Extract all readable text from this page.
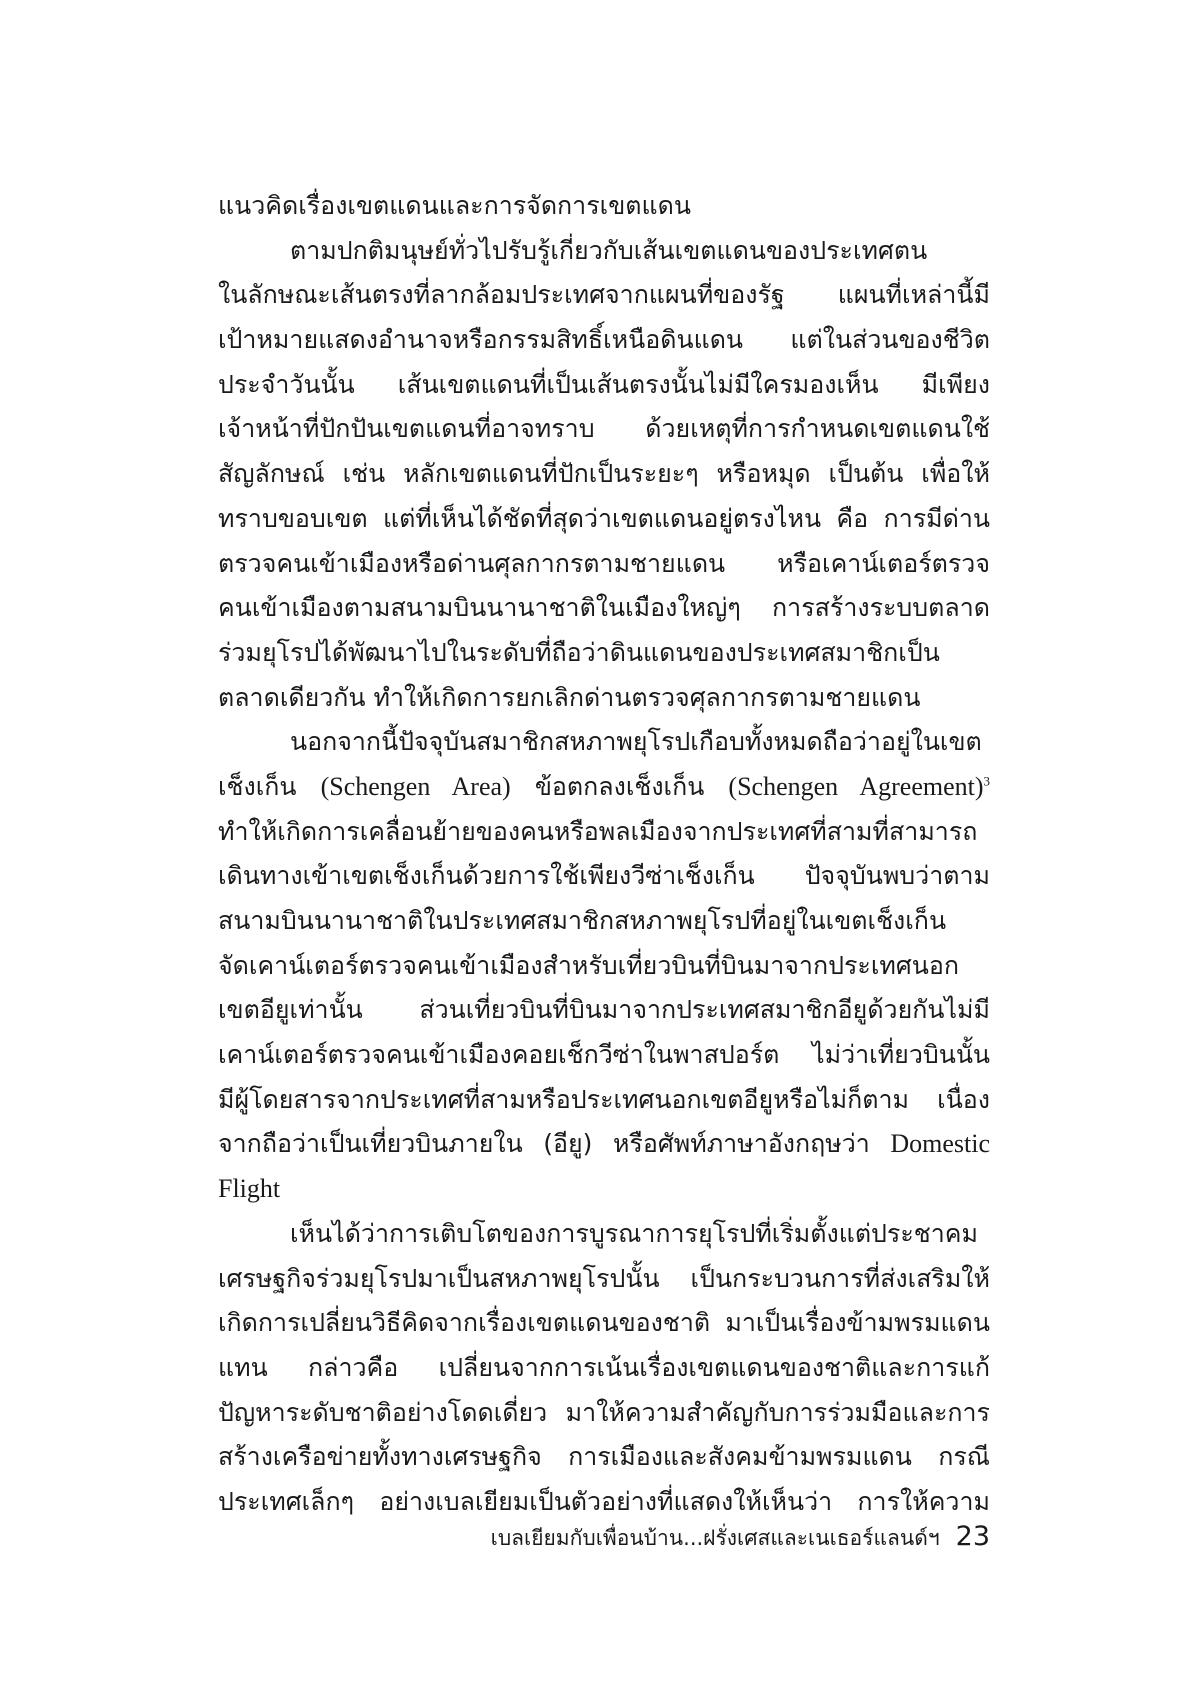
แนวคิดเรื่องเขตแดนและการจัดการเขตแดน
ตามปกติมนุษย์ทั่วไปรับรู้เกี่ยวกับเส้นเขตแดนของประเทศตน
ในลักษณะเส้นตรงที่ลากล้อมประเทศจากแผนที่ของรัฐ แผนที่เหล่านี้มี
เป้าหมายแสดงอำนาจหรือกรรมสิทธิ์เหนือดินแดน แต่ในส่วนของชีวิต
ประจำวันนั้น เส้นเขตแดนที่เป็นเส้นตรงนั้นไม่มีใครมองเห็น มีเพียง
เจ้าหน้าที่ปักปันเขตแดนที่อาจทราบ ด้วยเหตุที่การกำหนดเขตแดนใช้
สัญลักษณ์ เช่น หลักเขตแดนที่ปักเป็นระยะๆ หรือหมุด เป็นต้น เพื่อให้
ทราบขอบเขต แต่ที่เห็นได้ชัดที่สุดว่าเขตแดนอยู่ตรงไหน คือ การมีด่าน
ตรวจคนเข้าเมืองหรือด่านศุลกากรตามชายแดน หรือเคาน์เตอร์ตรวจ
คนเข้าเมืองตามสนามบินนานาชาติในเมืองใหญ่ๆ การสร้างระบบตลาด
ร่วมยุโรปได้พัฒนาไปในระดับที่ถือว่าดินแดนของประเทศสมาชิกเป็น
ตลาดเดียวกัน ทำให้เกิดการยกเลิกด่านตรวจศุลกากรตามชายแดน
นอกจากนี้ปัจจุบันสมาชิกสหภาพยุโรปเกือบทั้งหมดถือว่าอยู่ในเขต
เช็งเก็น (Schengen Area) ข้อตกลงเช็งเก็น (Schengen Agreement)$^3$
ทำให้เกิดการเคลื่อนย้ายของคนหรือพลเมืองจากประเทศที่สามที่สามารถ
เดินทางเข้าเขตเช็งเก็นด้วยการใช้เพียงวีซ่าเช็งเก็น ปัจจุบันพบว่าตาม
สนามบินนานาชาติในประเทศสมาชิกสหภาพยุโรปที่อยู่ในเขตเช็งเก็น
จัดเคาน์เตอร์ตรวจคนเข้าเมืองสำหรับเที่ยวบินที่บินมาจากประเทศนอก
เขตอียูเท่านั้น ส่วนเที่ยวบินที่บินมาจากประเทศสมาชิกอียูด้วยกันไม่มี
เคาน์เตอร์ตรวจคนเข้าเมืองคอยเช็กวีซ่าในพาสปอร์ต ไม่ว่าเที่ยวบินนั้น
มีผู้โดยสารจากประเทศที่สามหรือประเทศนอกเขตอียูหรือไม่ก็ตาม เนื่อง
จากถือว่าเป็นเที่ยวบินภายใน (อียู) หรือศัพท์ภาษาอังกฤษว่า Domestic
Flight
เห็นได้ว่าการเติบโตของการบูรณาการยุโรปที่เริ่มตั้งแต่ประชาคม
เศรษฐกิจร่วมยุโรปมาเป็นสหภาพยุโรปนั้น เป็นกระบวนการที่ส่งเสริมให้
เกิดการเปลี่ยนวิธีคิดจากเรื่องเขตแดนของชาติ มาเป็นเรื่องข้ามพรมแดน
แทน กล่าวคือ เปลี่ยนจากการเน้นเรื่องเขตแดนของชาติและการแก้
ปัญหาระดับชาติอย่างโดดเดี่ยว มาให้ความสำคัญกับการร่วมมือและการ
สร้างเครือข่ายทั้งทางเศรษฐกิจ การเมืองและสังคมข้ามพรมแดน กรณี
ประเทศเล็กๆ อย่างเบลเยียมเป็นตัวอย่างที่แสดงให้เห็นว่า การให้ความ
เบลเยียมกับเพื่อนบ้าน...ฝรั่งเศสและเนเธอร์แลนด์ฯ 23
